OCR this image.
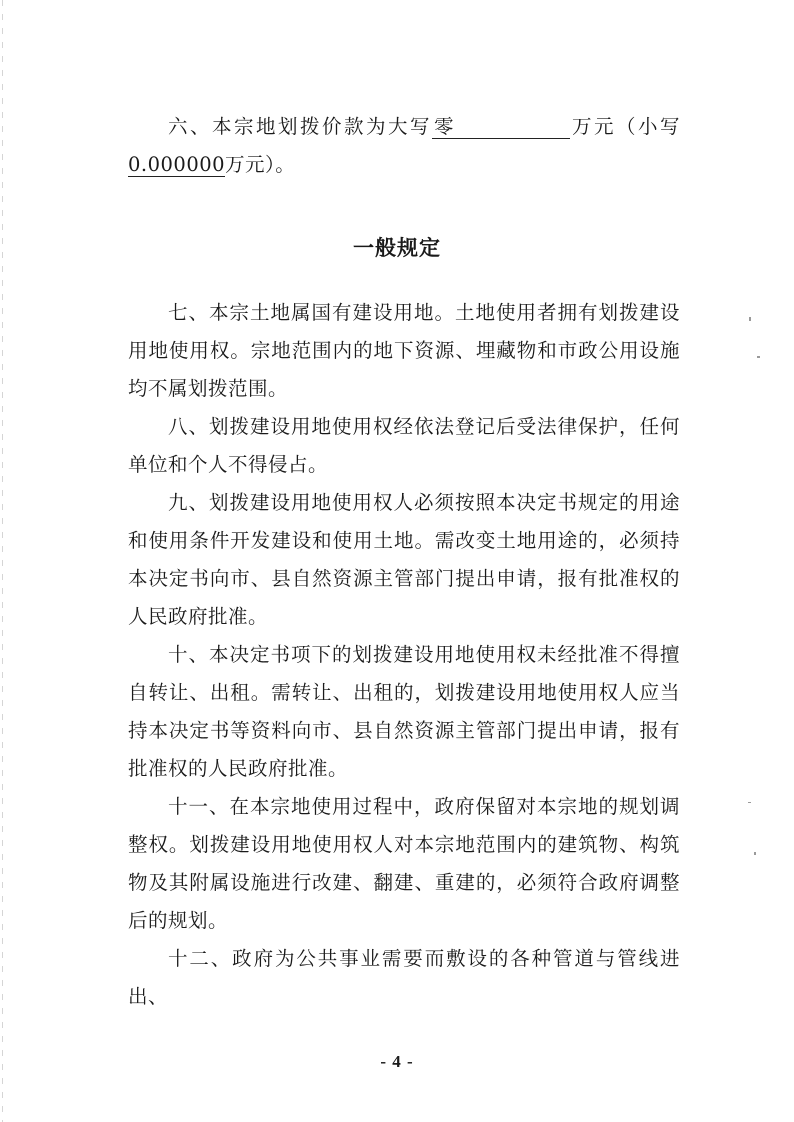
六、本宗地划拨价款为大写 零	万元（小写0.000000万元）。

一般规定

七、本宗土地属国有建设用地。土地使用者拥有划拨建设用地使用权。宗地范围内的地下资源、埋藏物和市政公用设施均不属划拨范围。

八、划拨建设用地使用权经依法登记后受法律保护，任何单位和个人不得侵占。

九、划拨建设用地使用权人必须按照本决定书规定的用途和使用条件开发建设和使用土地。需改变土地用途的，必须持本决定书向市、县自然资源主管部门提出申请，报有批准权的人民政府批准。

十、本决定书项下的划拨建设用地使用权未经批准不得擅自转让、出租。需转让、出租的，划拨建设用地使用权人应当持本决定书等资料向市、县自然资源主管部门提出申请，报有批准权的人民政府批准。

十一、在本宗地使用过程中，政府保留对本宗地的规划调整权。划拨建设用地使用权人对本宗地范围内的建筑物、构筑物及其附属设施进行改建、翻建、重建的，必须符合政府调整后的规划。

十二、政府为公共事业需要而敷设的各种管道与管线进出、

- 4 -
